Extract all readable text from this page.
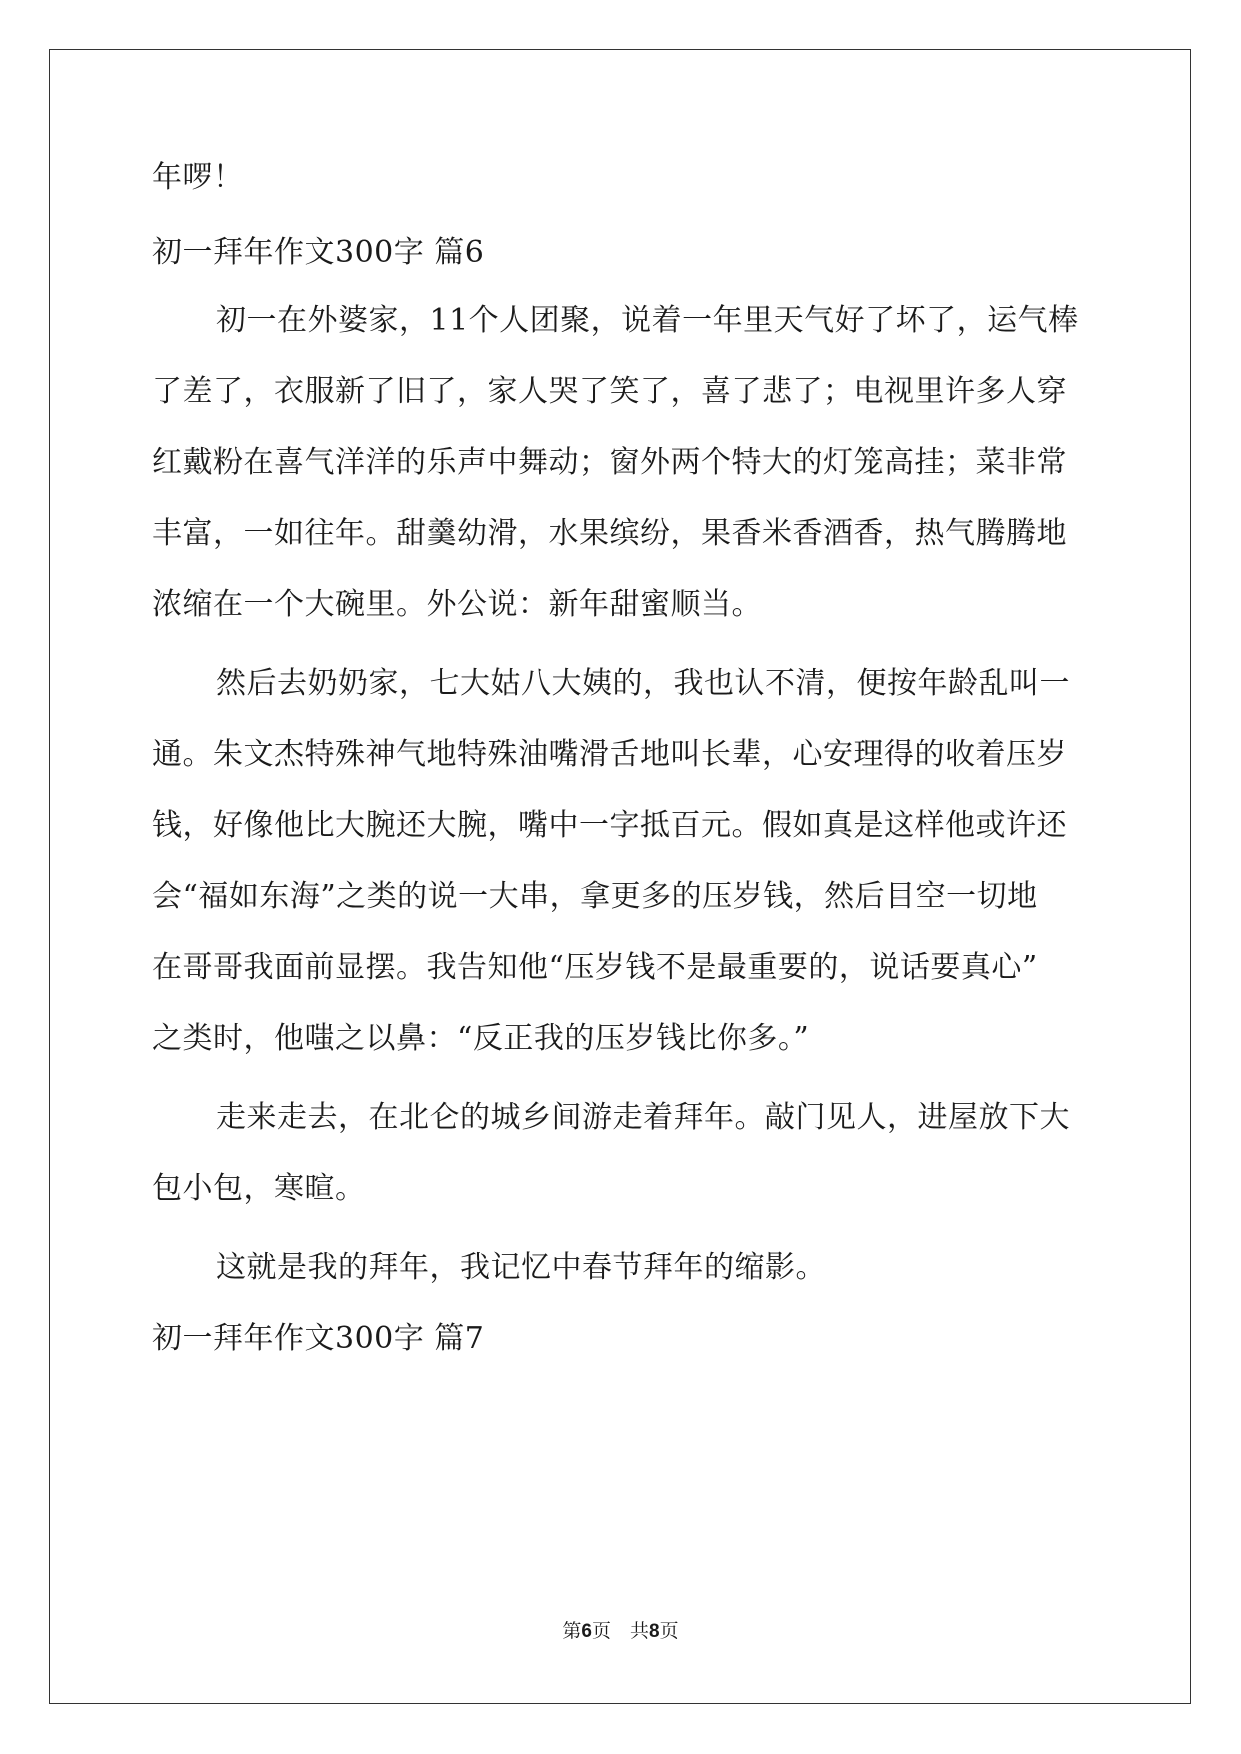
年啰！
初一拜年作文300字 篇6
初一在外婆家，11个人团聚，说着一年里天气好了坏了，运气棒
了差了，衣服新了旧了，家人哭了笑了，喜了悲了；电视里许多人穿
红戴粉在喜气洋洋的乐声中舞动；窗外两个特大的灯笼高挂；菜非常
丰富，一如往年。甜羹幼滑，水果缤纷，果香米香酒香，热气腾腾地
浓缩在一个大碗里。外公说：新年甜蜜顺当。
然后去奶奶家，七大姑八大姨的，我也认不清，便按年龄乱叫一
通。朱文杰特殊神气地特殊油嘴滑舌地叫长辈，心安理得的收着压岁
钱，好像他比大腕还大腕，嘴中一字抵百元。假如真是这样他或许还
会“福如东海”之类的说一大串，拿更多的压岁钱，然后目空一切地
在哥哥我面前显摆。我告知他“压岁钱不是最重要的，说话要真心”
之类时，他嗤之以鼻：“反正我的压岁钱比你多。”
走来走去，在北仑的城乡间游走着拜年。敲门见人，进屋放下大
包小包，寒暄。
这就是我的拜年，我记忆中春节拜年的缩影。
初一拜年作文300字 篇7
第6页　共8页
